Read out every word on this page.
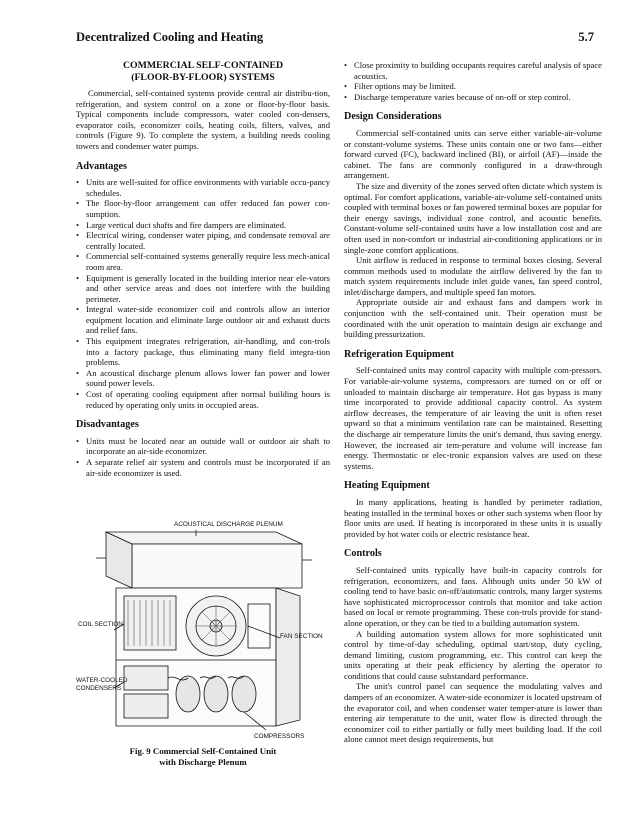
Decentralized Cooling and Heating	5.7
COMMERCIAL SELF-CONTAINED
(FLOOR-BY-FLOOR) SYSTEMS

Commercial, self-contained systems provide central air distribu-tion, refrigeration, and system control on a zone or floor-by-floor basis. Typical components include compressors, water cooled con-densers, evaporator coils, economizer coils, heating coils, filters, valves, and controls (Figure 9). To complete the system, a building needs cooling towers and condenser water pumps.

Advantages
• Units are well-suited for office environments with variable occu-pancy schedules.
• The floor-by-floor arrangement can offer reduced fan power con-sumption.
• Large vertical duct shafts and fire dampers are eliminated.
• Electrical wiring, condenser water piping, and condensate removal are centrally located.
• Commercial self-contained systems generally require less mech-anical room area.
• Equipment is generally located in the building interior near ele-vators and other service areas and does not interfere with the building perimeter.
• Integral water-side economizer coil and controls allow an interior equipment location and eliminate large outdoor air and exhaust ducts and relief fans.
• This equipment integrates refrigeration, air-handling, and con-trols into a factory package, thus eliminating many field integra-tion problems.
• An acoustical discharge plenum allows lower fan power and lower sound power levels.
• Cost of operating cooling equipment after normal building hours is reduced by operating only units in occupied areas.
Disadvantages
• Units must be located near an outside wall or outdoor air shaft to incorporate an air-side economizer.
• A separate relief air system and controls must be incorporated if an air-side economizer is used.
ACOUSTICAL DISCHARGE PLENUM
COIL SECTION
FAN SECTION
WATER-COOLED
CONDENSERS
COMPRESSORS
Fig. 9 Commercial Self-Contained Unit
with Discharge Plenum
• Close proximity to building occupants requires careful analysis of space acoustics.
• Filter options may be limited.
• Discharge temperature varies because of on-off or step control.
Design Considerations

Commercial self-contained units can serve either variable-air-volume or constant-volume systems. These units contain one or two fans—either forward curved (FC), backward inclined (BI), or airfoil (AF)—inside the cabinet. The fans are commonly configured in a draw-through arrangement.

The size and diversity of the zones served often dictate which system is optimal. For comfort applications, variable-air-volume self-contained units coupled with terminal boxes or fan powered terminal boxes are popular for their energy savings, individual zone control, and acoustic benefits. Constant-volume self-contained units have a low installation cost and are often used in non-comfort or industrial air-conditioning applications or in single-zone comfort applications.

Unit airflow is reduced in response to terminal boxes closing. Several common methods used to modulate the airflow delivered by the fan to match system requirements include inlet guide vanes, fan speed control, inlet/discharge dampers, and multiple speed fan motors.

Appropriate outside air and exhaust fans and dampers work in conjunction with the self-contained unit. Their operation must be coordinated with the unit operation to maintain design air exchange and building pressurization.

Refrigeration Equipment

Self-contained units may control capacity with multiple com-pressors. For variable-air-volume systems, compressors are turned on or off or unloaded to maintain discharge air temperature. Hot gas bypass is many time incorporated to provide additional capacity control. As system airflow decreases, the temperature of air leaving the unit is often reset upward so that a minimum ventilation rate can be maintained. Resetting the discharge air temperature limits the unit's demand, thus saving energy. However, the increased air tem-perature and volume will increase fan energy. Thermostatic or elec-tronic expansion valves are used on these systems.

Heating Equipment

In many applications, heating is handled by perimeter radiation, heating installed in the terminal boxes or other such systems when floor by floor units are used. If heating is incorporated in these units it is usually provided by hot water coils or electric resistance heat.

Controls

Self-contained units typically have built-in capacity controls for refrigeration, economizers, and fans. Although units under 50 kW of cooling tend to have basic on-off/automatic controls, many larger systems have sophisticated microprocessor controls that monitor and take action based on local or remote programming. These con-trols provide for stand-alone operation, or they can be tied to a building automation system.

A building automation system allows for more sophisticated unit control by time-of-day scheduling, optimal start/stop, duty cycling, demand limiting, custom programming, etc. This control can keep the units operating at their peak efficiency by alerting the operator to conditions that could cause substandard performance.

The unit's control panel can sequence the modulating valves and dampers of an economizer. A water-side economizer is located upstream of the evaporator coil, and when condenser water temper-ature is lower than entering air temperature to the unit, water flow is directed through the economizer coil to either partially or fully meet building load. If the coil alone cannot meet design requirements, but
